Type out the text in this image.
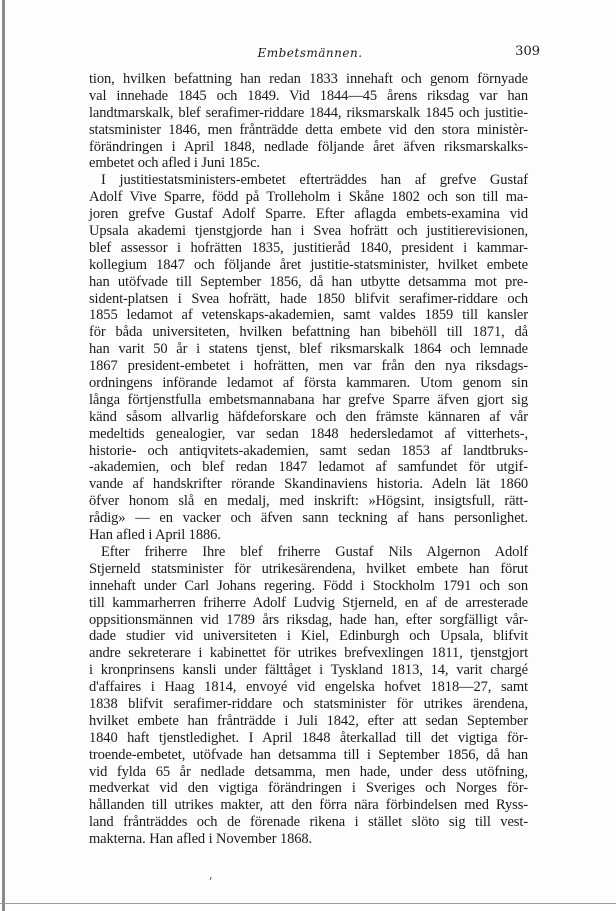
Embetsmännen.	309
tion, hvilken befattning han redan 1833 innehaft och genom förnyade
val innehade 1845 och 1849. Vid 1844—45 årens riksdag var han
landtmarskalk, blef serafimer-riddare 1844, riksmarskalk 1845 och justitie-
statsminister 1846, men frånträdde detta embete vid den stora ministèr-
förändringen i April 1848, nedlade följande året äfven riksmarskalks-
embetet och afled i Juni 185c.
I justitiestatsministers-embetet efterträddes han af grefve Gustaf
Adolf Vive Sparre, född på Trolleholm i Skåne 1802 och son till ma-
joren grefve Gustaf Adolf Sparre. Efter aflagda embets-examina vid
Upsala akademi tjenstgjorde han i Svea hofrätt och justitierevisionen,
blef assessor i hofrätten 1835, justitieråd 1840, president i kammar-
kollegium 1847 och följande året justitie-statsminister, hvilket embete
han utöfvade till September 1856, då han utbytte detsamma mot pre-
sident-platsen i Svea hofrätt, hade 1850 blifvit serafimer-riddare och
1855 ledamot af vetenskaps-akademien, samt valdes 1859 till kansler
för båda universiteten, hvilken befattning han bibehöll till 1871, då
han varit 50 år i statens tjenst, blef riksmarskalk 1864 och lemnade
1867 president-embetet i hofrätten, men var från den nya riksdags-
ordningens införande ledamot af första kammaren. Utom genom sin
långa förtjenstfulla embetsmannabana har grefve Sparre äfven gjort sig
känd såsom allvarlig häfdeforskare och den främste kännaren af vår
medeltids genealogier, var sedan 1848 hedersledamot af vitterhets-,
historie- och antiqvitets-akademien, samt sedan 1853 af landtbruks-
-akademien, och blef redan 1847 ledamot af samfundet för utgif-
vande af handskrifter rörande Skandinaviens historia. Adeln lät 1860
öfver honom slå en medalj, med inskrift: »Högsint, insigtsfull, rätt-
rådig» — en vacker och äfven sann teckning af hans personlighet.
Han afled i April 1886.
Efter friherre Ihre blef friherre Gustaf Nils Algernon Adolf
Stjerneld statsminister för utrikesärendena, hvilket embete han förut
innehaft under Carl Johans regering. Född i Stockholm 1791 och son
till kammarherren friherre Adolf Ludvig Stjerneld, en af de arresterade
oppsitionsmännen vid 1789 års riksdag, hade han, efter sorgfälligt vår-
dade studier vid universiteten i Kiel, Edinburgh och Upsala, blifvit
andre sekreterare i kabinettet för utrikes brefvexlingen 1811, tjenstgjort
i kronprinsens kansli under fälttåget i Tyskland 1813, 14, varit chargé
d'affaires i Haag 1814, envoyé vid engelska hofvet 1818—27, samt
1838 blifvit serafimer-riddare och statsminister för utrikes ärendena,
hvilket embete han frånträdde i Juli 1842, efter att sedan September
1840 haft tjenstledighet. I April 1848 återkallad till det vigtiga för-
troende-embetet, utöfvade han detsamma till i September 1856, då han
vid fylda 65 år nedlade detsamma, men hade, under dess utöfning,
medverkat vid den vigtiga förändringen i Sveriges och Norges för-
hållanden till utrikes makter, att den förra nära förbindelsen med Ryss-
land frånträddes och de förenade rikena i stället slöto sig till vest-
makterna. Han afled i November 1868.
ʹ
